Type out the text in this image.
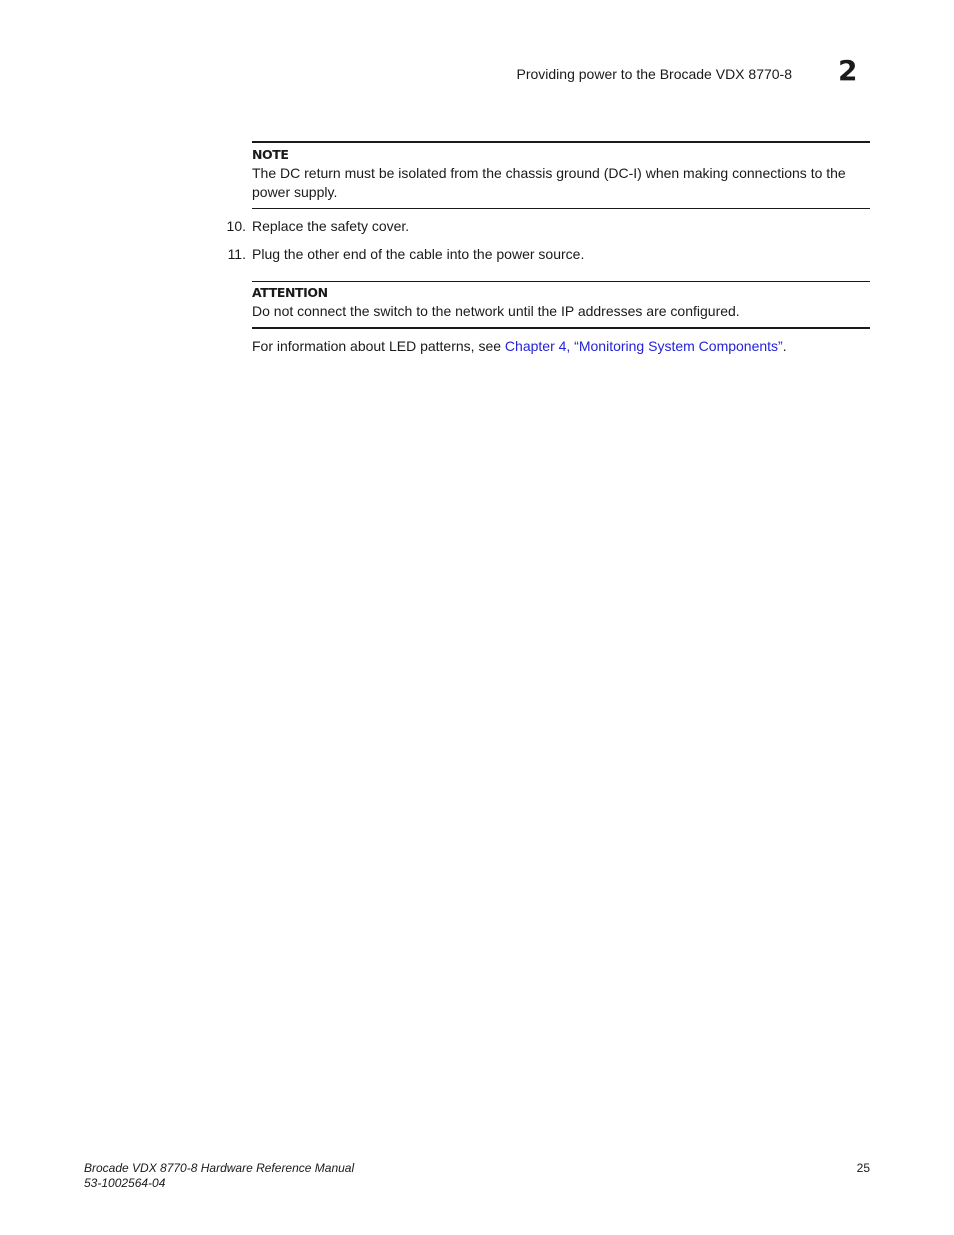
Providing power to the Brocade VDX 8770-8 2
NOTE
The DC return must be isolated from the chassis ground (DC-I) when making connections to the power supply.
10. Replace the safety cover.
11. Plug the other end of the cable into the power source.
ATTENTION
Do not connect the switch to the network until the IP addresses are configured.
For information about LED patterns, see Chapter 4, “Monitoring System Components”.
Brocade VDX 8770-8 Hardware Reference Manual
53-1002564-04
25
